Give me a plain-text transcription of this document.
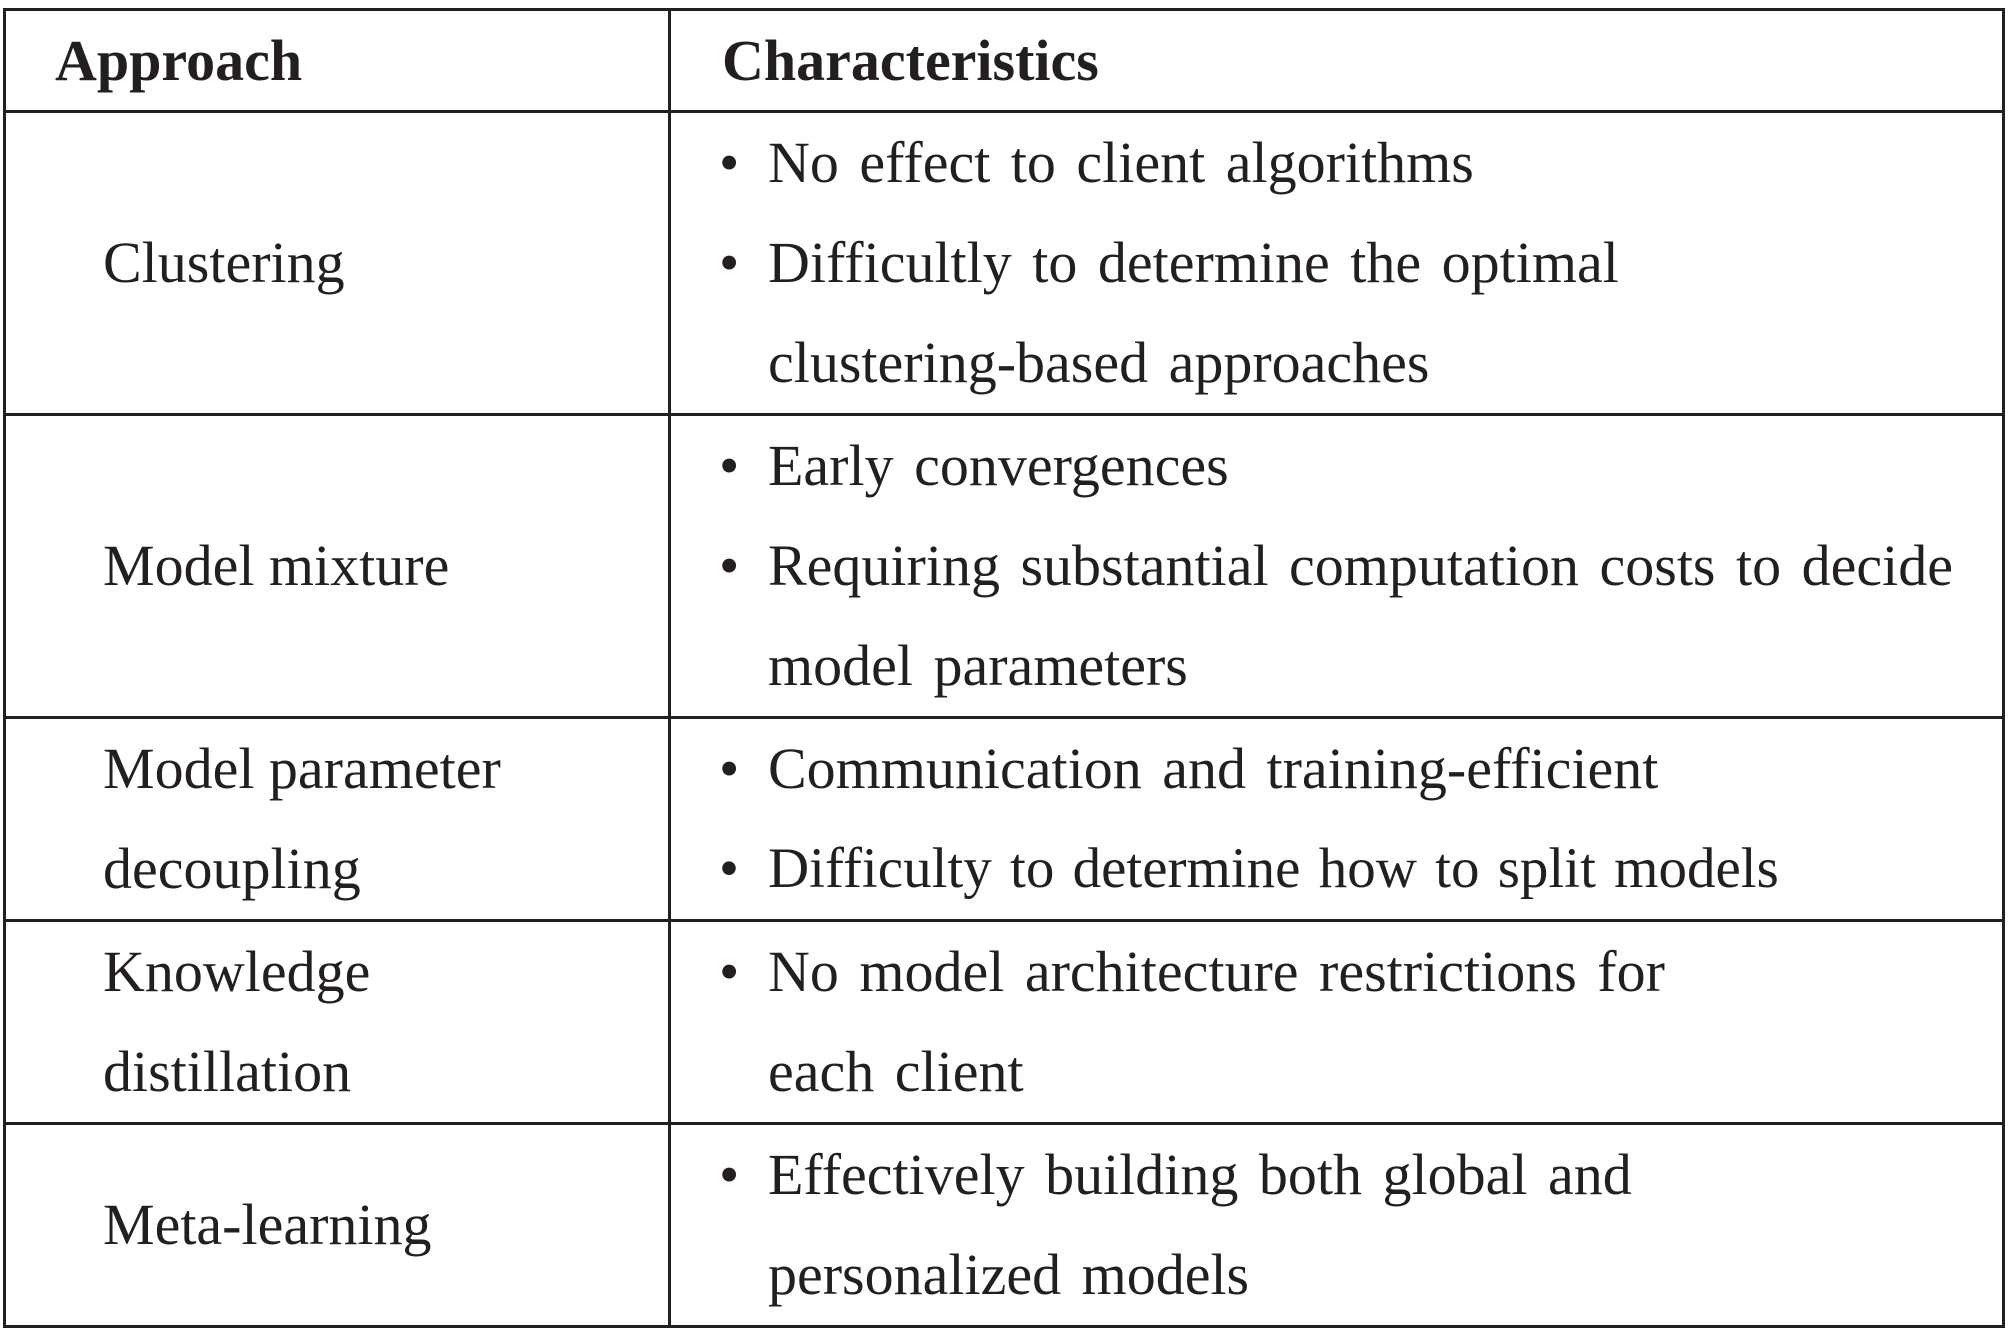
Approach	Characteristics
Clustering	• No effect to client algorithms
• Difficultly to determine the optimal clustering-based approaches

Model mixture	• Early convergences
• Requiring substantial computation costs to decide model parameters

Model parameter decoupling	• Communication and training-efficient
• Difficulty to determine how to split models

Knowledge distillation	• No model architecture restrictions for each client

Meta-learning	• Effectively building both global and personalized models
